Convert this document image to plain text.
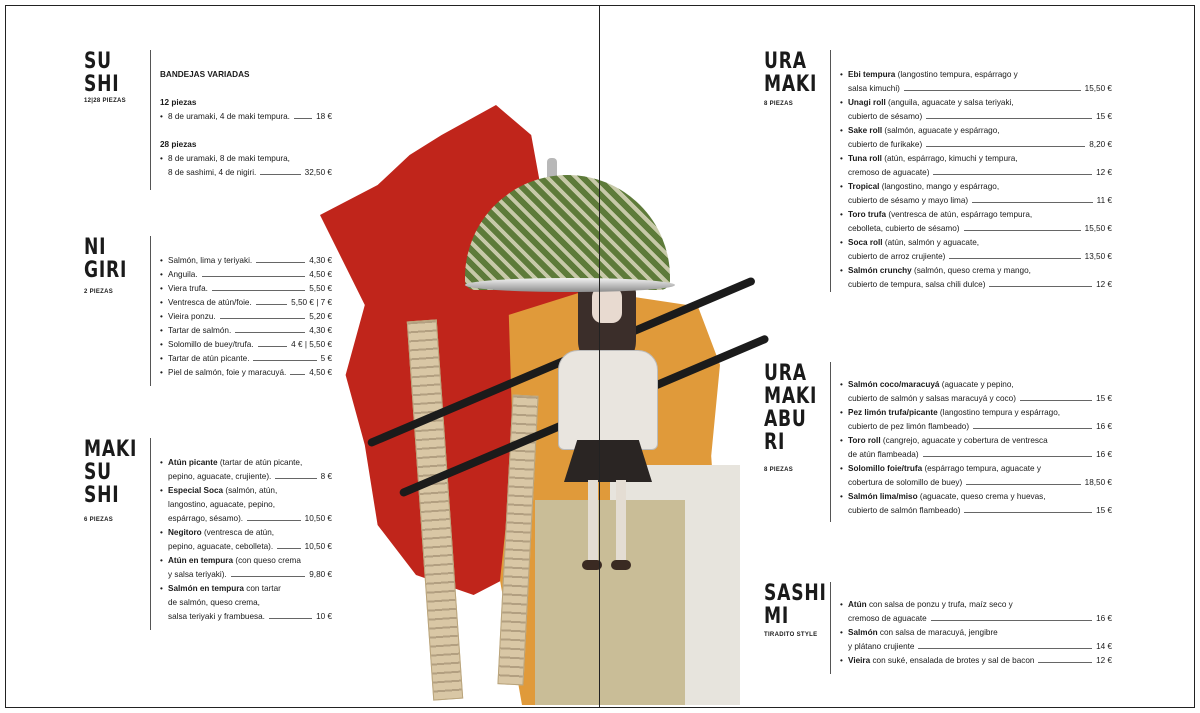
SU
SHI
12|28 PIEZAS
BANDEJAS VARIADAS
12 piezas
• 8 de uramaki, 4 de maki tempura.	18 €
28 piezas
• 8 de uramaki, 8 de maki tempura,
8 de sashimi, 4 de nigiri.	32,50 €
NI
GIRI
2 PIEZAS
• Salmón, lima y teriyaki.	4,30 €
• Anguila.	4,50 €
• Viera trufa.	5,50 €
• Ventresca de atún/foie.	5,50 € | 7 €
• Vieira ponzu.	5,20 €
• Tartar de salmón.	4,30 €
• Solomillo de buey/trufa.	4 € | 5,50 €
• Tartar de atún picante.	5 €
• Piel de salmón, foie y maracuyá.	4,50 €
MAKI
SU
SHI
6 PIEZAS
• Atún picante (tartar de atún picante,
pepino, aguacate, crujiente).	8 €
• Especial Soca (salmón, atún,
langostino, aguacate, pepino,
espárrago, sésamo).	10,50 €
• Negitoro (ventresca de atún,
pepino, aguacate, cebolleta).	10,50 €
• Atún en tempura (con queso crema
y salsa teriyaki).	9,80 €
• Salmón en tempura con tartar
de salmón, queso crema,
salsa teriyaki y frambuesa.	10 €
URA
MAKI
8 PIEZAS
• Ebi tempura (langostino tempura, espárrago y
salsa kimuchi)	15,50 €
• Unagi roll (anguila, aguacate y salsa teriyaki,
cubierto de sésamo)	15 €
• Sake roll (salmón, aguacate y espárrago,
cubierto de furikake)	8,20 €
• Tuna roll (atún, espárrago, kimuchi y tempura,
cremoso de aguacate)	12 €
• Tropical (langostino, mango y espárrago,
cubierto de sésamo y mayo lima)	11 €
• Toro trufa (ventresca de atún, espárrago tempura,
cebolleta, cubierto de sésamo)	15,50 €
• Soca roll (atún, salmón y aguacate,
cubierto de arroz crujiente)	13,50 €
• Salmón crunchy (salmón, queso crema y mango,
cubierto de tempura, salsa chili dulce)	12 €
URA
MAKI
ABU
RI
8 PIEZAS
• Salmón coco/maracuyá (aguacate y pepino,
cubierto de salmón y salsas maracuyá y coco)	15 €
• Pez limón trufa/picante (langostino tempura y espárrago,
cubierto de pez limón flambeado)	16 €
• Toro roll (cangrejo, aguacate y cobertura de ventresca
de atún flambeada)	16 €
• Solomillo foie/trufa (espárrago tempura, aguacate y
cobertura de solomillo de buey)	18,50 €
• Salmón lima/miso (aguacate, queso crema y huevas,
cubierto de salmón flambeado)	15 €
SASHI
MI
TIRADITO STYLE
• Atún con salsa de ponzu y trufa, maíz seco y
cremoso de aguacate	16 €
• Salmón con salsa de maracuyá, jengibre
y plátano crujiente	14 €
• Vieira con suké, ensalada de brotes y sal de bacon	12 €
